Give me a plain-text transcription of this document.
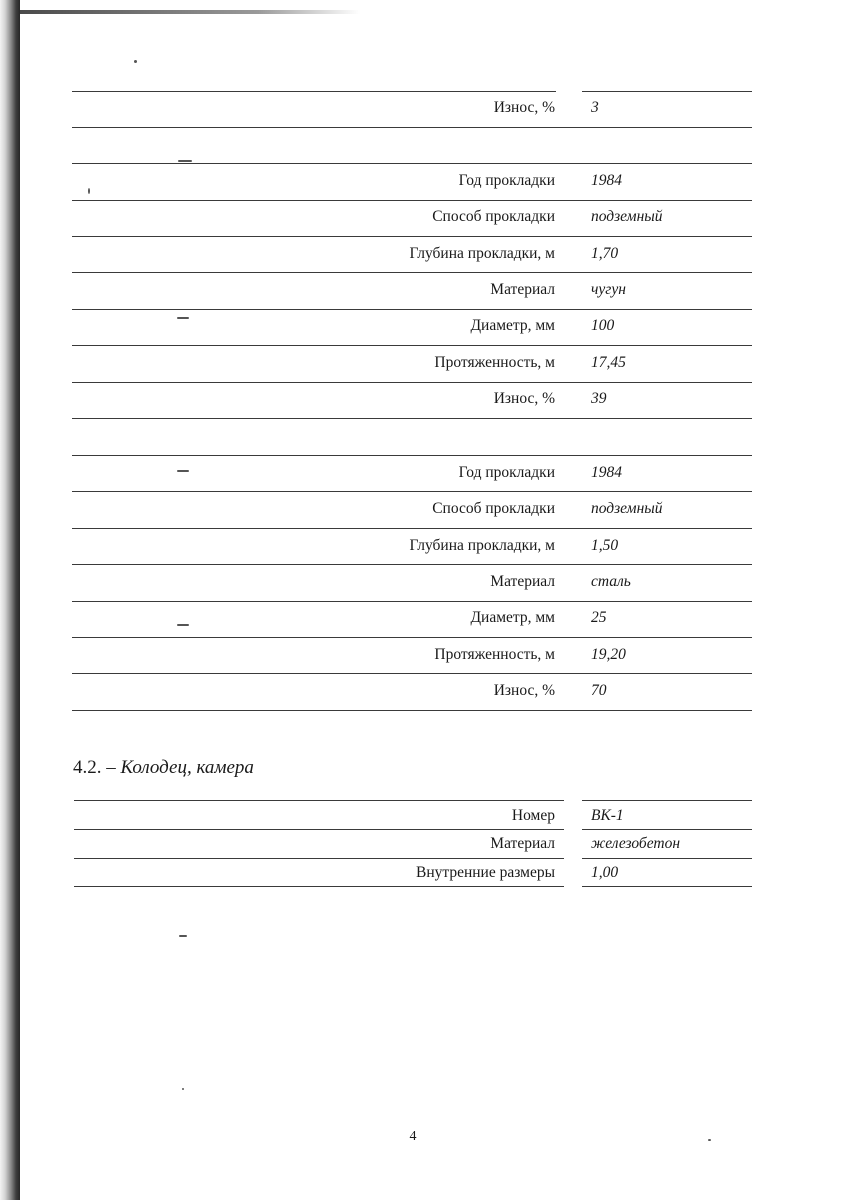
Износ, % 3
Год прокладки 1984
Способ прокладки подземный
Глубина прокладки, м 1,70
Материал чугун
Диаметр, мм 100
Протяженность, м 17,45
Износ, % 39
Год прокладки 1984
Способ прокладки подземный
Глубина прокладки, м 1,50
Материал сталь
Диаметр, мм 25
Протяженность, м 19,20
Износ, % 70
4.2. – Колодец, камера
Номер ВК-1
Материал железобетон
Внутренние размеры 1,00
4
